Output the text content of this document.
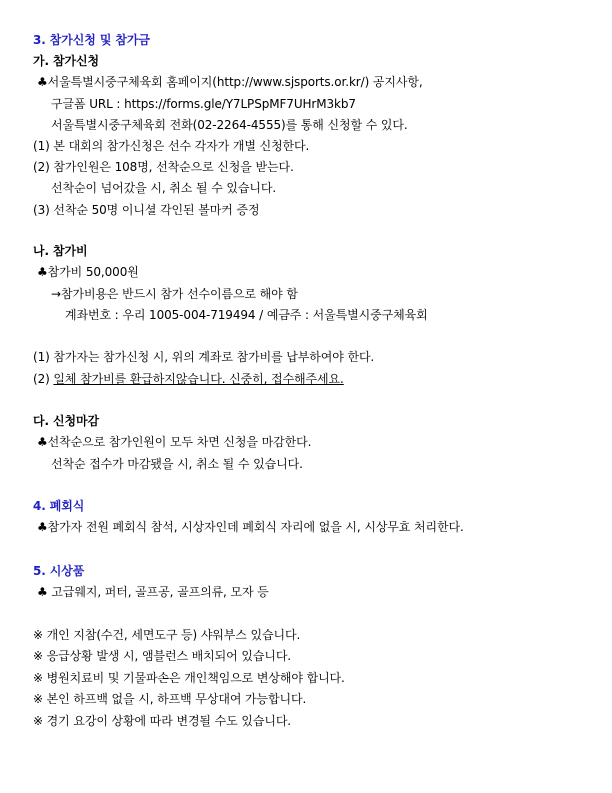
3. 참가신청 및 참가금
가. 참가신청
♣서울특별시중구체육회 홈페이지(http://www.sjsports.or.kr/) 공지사항,
구글폼 URL : https://forms.gle/Y7LPSpMF7UHrM3kb7
서울특별시중구체육회 전화(02-2264-4555)를 통해 신청할 수 있다.
(1) 본 대회의 참가신청은 선수 각자가 개별 신청한다.
(2) 참가인원은 108명, 선착순으로 신청을 받는다.
선착순이 넘어갔을 시, 취소 될 수 있습니다.
(3) 선착순 50명 이니셜 각인된 볼마커 증정
나. 참가비
♣참가비 50,000원
→참가비용은 반드시 참가 선수이름으로 해야 함
계좌번호 : 우리 1005-004-719494 / 예금주 : 서울특별시중구체육회
(1) 참가자는 참가신청 시, 위의 계좌로 참가비를 납부하여야 한다.
(2) 일체 참가비를 환급하지않습니다. 신중히, 접수해주세요.
다. 신청마감
♣선착순으로 참가인원이 모두 차면 신청을 마감한다.
선착순 접수가 마감됐을 시, 취소 될 수 있습니다.
4. 폐회식
♣참가자 전원 폐회식 참석, 시상자인데 폐회식 자리에 없을 시, 시상무효 처리한다.
5. 시상품
♣ 고급웨지, 퍼터, 골프공, 골프의류, 모자 등
※ 개인 지참(수건, 세면도구 등) 샤워부스 있습니다.
※ 응급상황 발생 시, 앰블런스 배치되어 있습니다.
※ 병원치료비 및 기물파손은 개인책임으로 변상해야 합니다.
※ 본인 하프백 없을 시, 하프백 무상대여 가능합니다.
※ 경기 요강이 상황에 따라 변경될 수도 있습니다.
